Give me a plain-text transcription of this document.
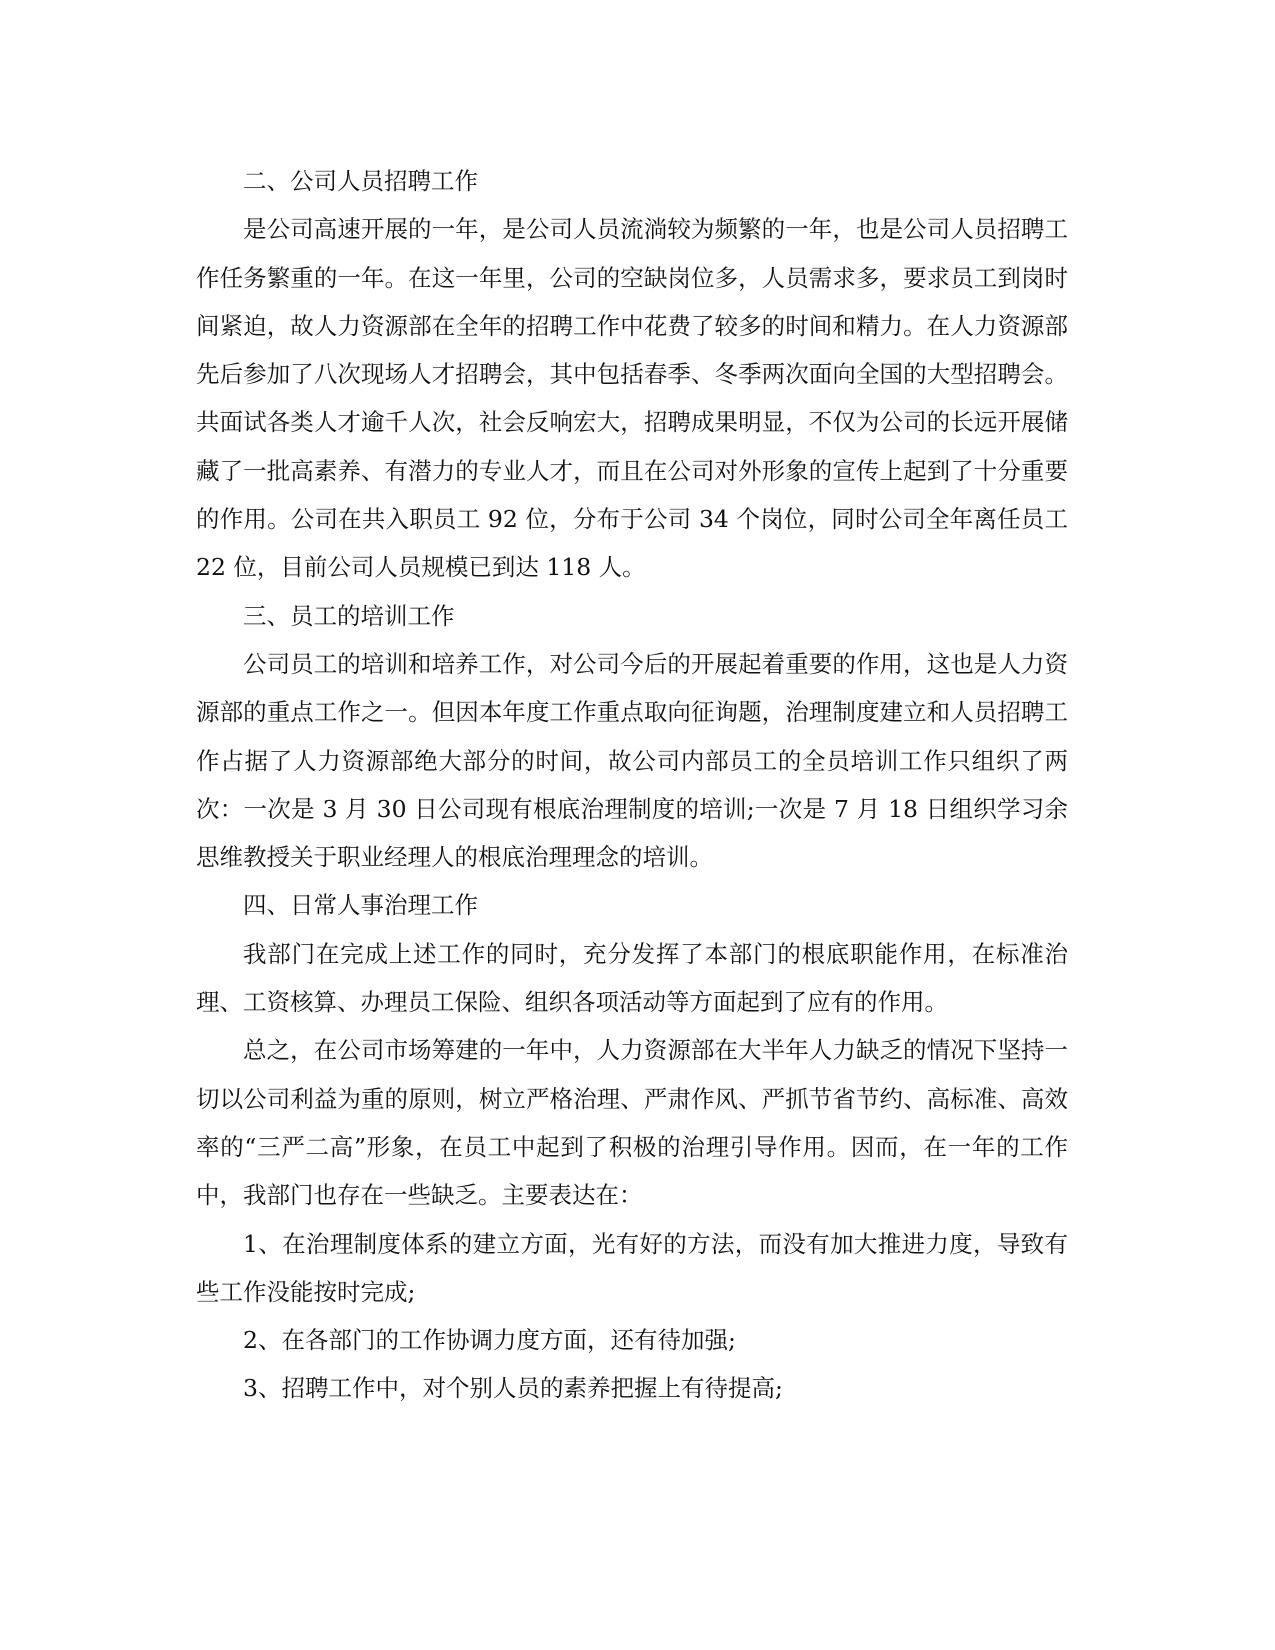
二、公司人员招聘工作

是公司高速开展的一年，是公司人员流淌较为频繁的一年，也是公司人员招聘工作任务繁重的一年。在这一年里，公司的空缺岗位多，人员需求多，要求员工到岗时间紧迫，故人力资源部在全年的招聘工作中花费了较多的时间和精力。在人力资源部先后参加了八次现场人才招聘会，其中包括春季、冬季两次面向全国的大型招聘会。共面试各类人才逾千人次，社会反响宏大，招聘成果明显，不仅为公司的长远开展储藏了一批高素养、有潜力的专业人才，而且在公司对外形象的宣传上起到了十分重要的作用。公司在共入职员工 92 位，分布于公司 34 个岗位，同时公司全年离任员工 22 位，目前公司人员规模已到达 118 人。

三、员工的培训工作

公司员工的培训和培养工作，对公司今后的开展起着重要的作用，这也是人力资源部的重点工作之一。但因本年度工作重点取向征询题，治理制度建立和人员招聘工作占据了人力资源部绝大部分的时间，故公司内部员工的全员培训工作只组织了两次：一次是 3 月 30 日公司现有根底治理制度的培训;一次是 7 月 18 日组织学习余思维教授关于职业经理人的根底治理理念的培训。

四、日常人事治理工作

我部门在完成上述工作的同时，充分发挥了本部门的根底职能作用，在标准治理、工资核算、办理员工保险、组织各项活动等方面起到了应有的作用。

总之，在公司市场筹建的一年中，人力资源部在大半年人力缺乏的情况下坚持一切以公司利益为重的原则，树立严格治理、严肃作风、严抓节省节约、高标准、高效率的“三严二高”形象，在员工中起到了积极的治理引导作用。因而，在一年的工作中，我部门也存在一些缺乏。主要表达在：

1、在治理制度体系的建立方面，光有好的方法，而没有加大推进力度，导致有些工作没能按时完成;

2、在各部门的工作协调力度方面，还有待加强;

3、招聘工作中，对个别人员的素养把握上有待提高;
